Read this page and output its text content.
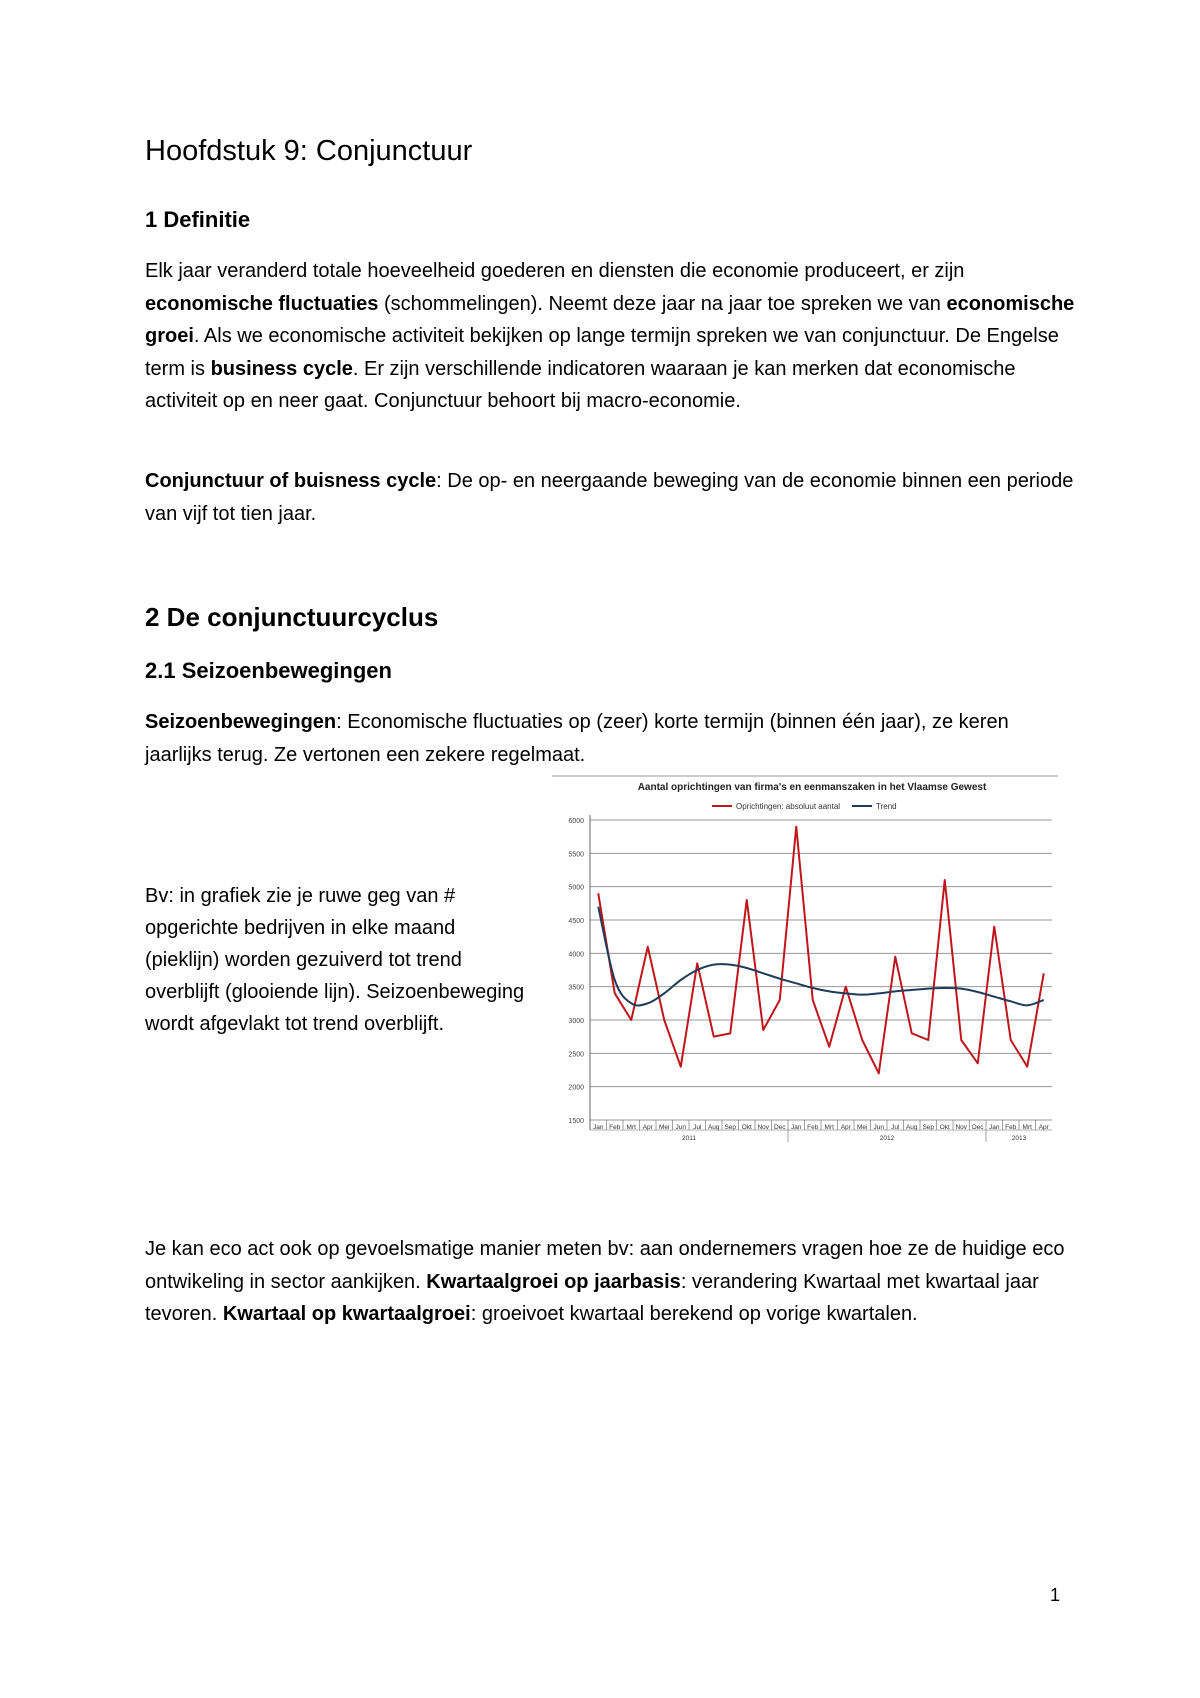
Hoofdstuk 9: Conjunctuur
1 Definitie

Elk jaar veranderd totale hoeveelheid goederen en diensten die economie produceert, er zijn economische fluctuaties (schommelingen). Neemt deze jaar na jaar toe spreken we van economische groei. Als we economische activiteit bekijken op lange termijn spreken we van conjunctuur. De Engelse term is business cycle. Er zijn verschillende indicatoren waaraan je kan merken dat economische activiteit op en neer gaat. Conjunctuur behoort bij macro-economie.

Conjunctuur of buisness cycle: De op- en neergaande beweging van de economie binnen een periode van vijf tot tien jaar.

2 De conjunctuurcyclus
2.1 Seizoenbewegingen

Seizoenbewegingen: Economische fluctuaties op (zeer) korte termijn (binnen één jaar), ze keren jaarlijks terug. Ze vertonen een zekere regelmaat.

Bv: in grafiek zie je ruwe geg van # opgerichte bedrijven in elke maand (pieklijn) worden gezuiverd tot trend overblijft (glooiende lijn). Seizoenbeweging wordt afgevlakt tot trend overblijft.

Aantal oprichtingen van firma's en eenmanszaken in het Vlaamse Gewest
Oprichtingen: absoluut aantal	Trend
1500
2000
2500
3000
3500
4000
4500
5000
5500
6000
Jan Feb Mrt Apr Mei Jun Jul Aug Sep Okt Nov Dec Jan Feb Mrt Apr Mei Jun Jul Aug Sep Okt Nov Dec Jan Feb Mrt Apr
2011	2012	2013

Je kan eco act ook op gevoelsmatige manier meten bv: aan ondernemers vragen hoe ze de huidige eco ontwikeling in sector aankijken. Kwartaalgroei op jaarbasis: verandering Kwartaal met kwartaal jaar tevoren. Kwartaal op kwartaalgroei: groeivoet kwartaal berekend op vorige kwartalen.

1
